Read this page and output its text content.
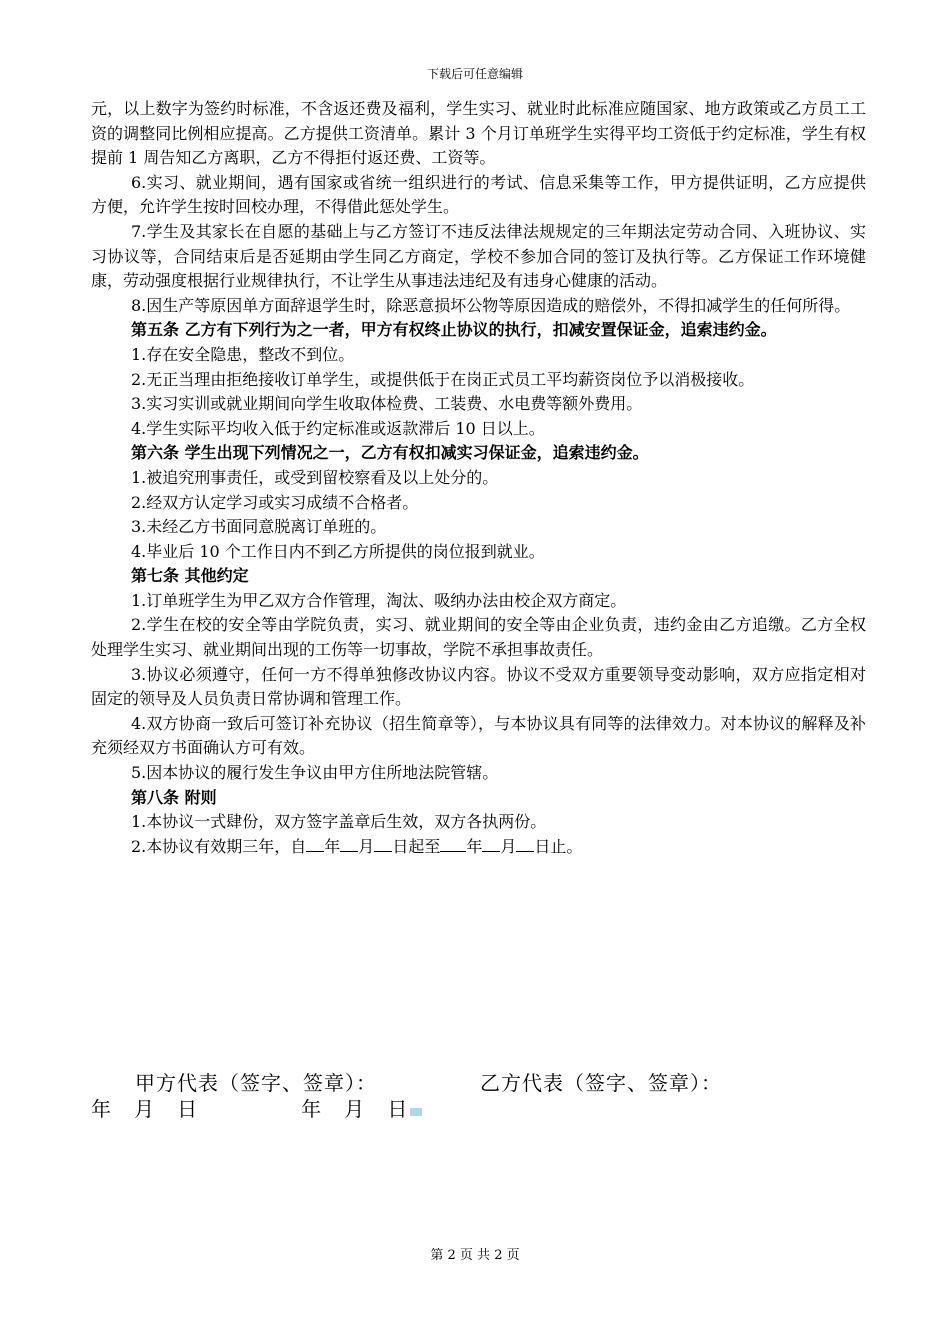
下载后可任意编辑

元，以上数字为签约时标准，不含返还费及福利，学生实习、就业时此标准应随国家、地方政策或乙方员工工资的调整同比例相应提高。乙方提供工资清单。累计 3 个月订单班学生实得平均工资低于约定标准，学生有权提前 1 周告知乙方离职，乙方不得拒付返还费、工资等。

6.实习、就业期间，遇有国家或省统一组织进行的考试、信息采集等工作，甲方提供证明，乙方应提供方便，允许学生按时回校办理，不得借此惩处学生。

7.学生及其家长在自愿的基础上与乙方签订不违反法律法规规定的三年期法定劳动合同、入班协议、实习协议等，合同结束后是否延期由学生同乙方商定，学校不参加合同的签订及执行等。乙方保证工作环境健康，劳动强度根据行业规律执行，不让学生从事违法违纪及有违身心健康的活动。

8.因生产等原因单方面辞退学生时，除恶意损坏公物等原因造成的赔偿外，不得扣减学生的任何所得。

第五条 乙方有下列行为之一者，甲方有权终止协议的执行，扣减安置保证金，追索违约金。

1.存在安全隐患，整改不到位。

2.无正当理由拒绝接收订单学生，或提供低于在岗正式员工平均薪资岗位予以消极接收。

3.实习实训或就业期间向学生收取体检费、工装费、水电费等额外费用。

4.学生实际平均收入低于约定标准或返款滞后 10 日以上。

第六条 学生出现下列情况之一，乙方有权扣减实习保证金，追索违约金。

1.被追究刑事责任，或受到留校察看及以上处分的。

2.经双方认定学习或实习成绩不合格者。

3.未经乙方书面同意脱离订单班的。

4.毕业后 10 个工作日内不到乙方所提供的岗位报到就业。

第七条 其他约定

1.订单班学生为甲乙双方合作管理，淘汰、吸纳办法由校企双方商定。

2.学生在校的安全等由学院负责，实习、就业期间的安全等由企业负责，违约金由乙方追缴。乙方全权处理学生实习、就业期间出现的工伤等一切事故，学院不承担事故责任。

3.协议必须遵守，任何一方不得单独修改协议内容。协议不受双方重要领导变动影响，双方应指定相对固定的领导及人员负责日常协调和管理工作。

4.双方协商一致后可签订补充协议（招生简章等），与本协议具有同等的法律效力。对本协议的解释及补充须经双方书面确认方可有效。

5.因本协议的履行发生争议由甲方住所地法院管辖。

第八条 附则

1.本协议一式肆份，双方签字盖章后生效，双方各执两份。

2.本协议有效期三年，自 年 月 日起至 年 月 日止。

甲方代表（签字、签章）：	乙方代表（签字、签章）：
年 月 日	年 月 日
第 2 页 共 2 页
